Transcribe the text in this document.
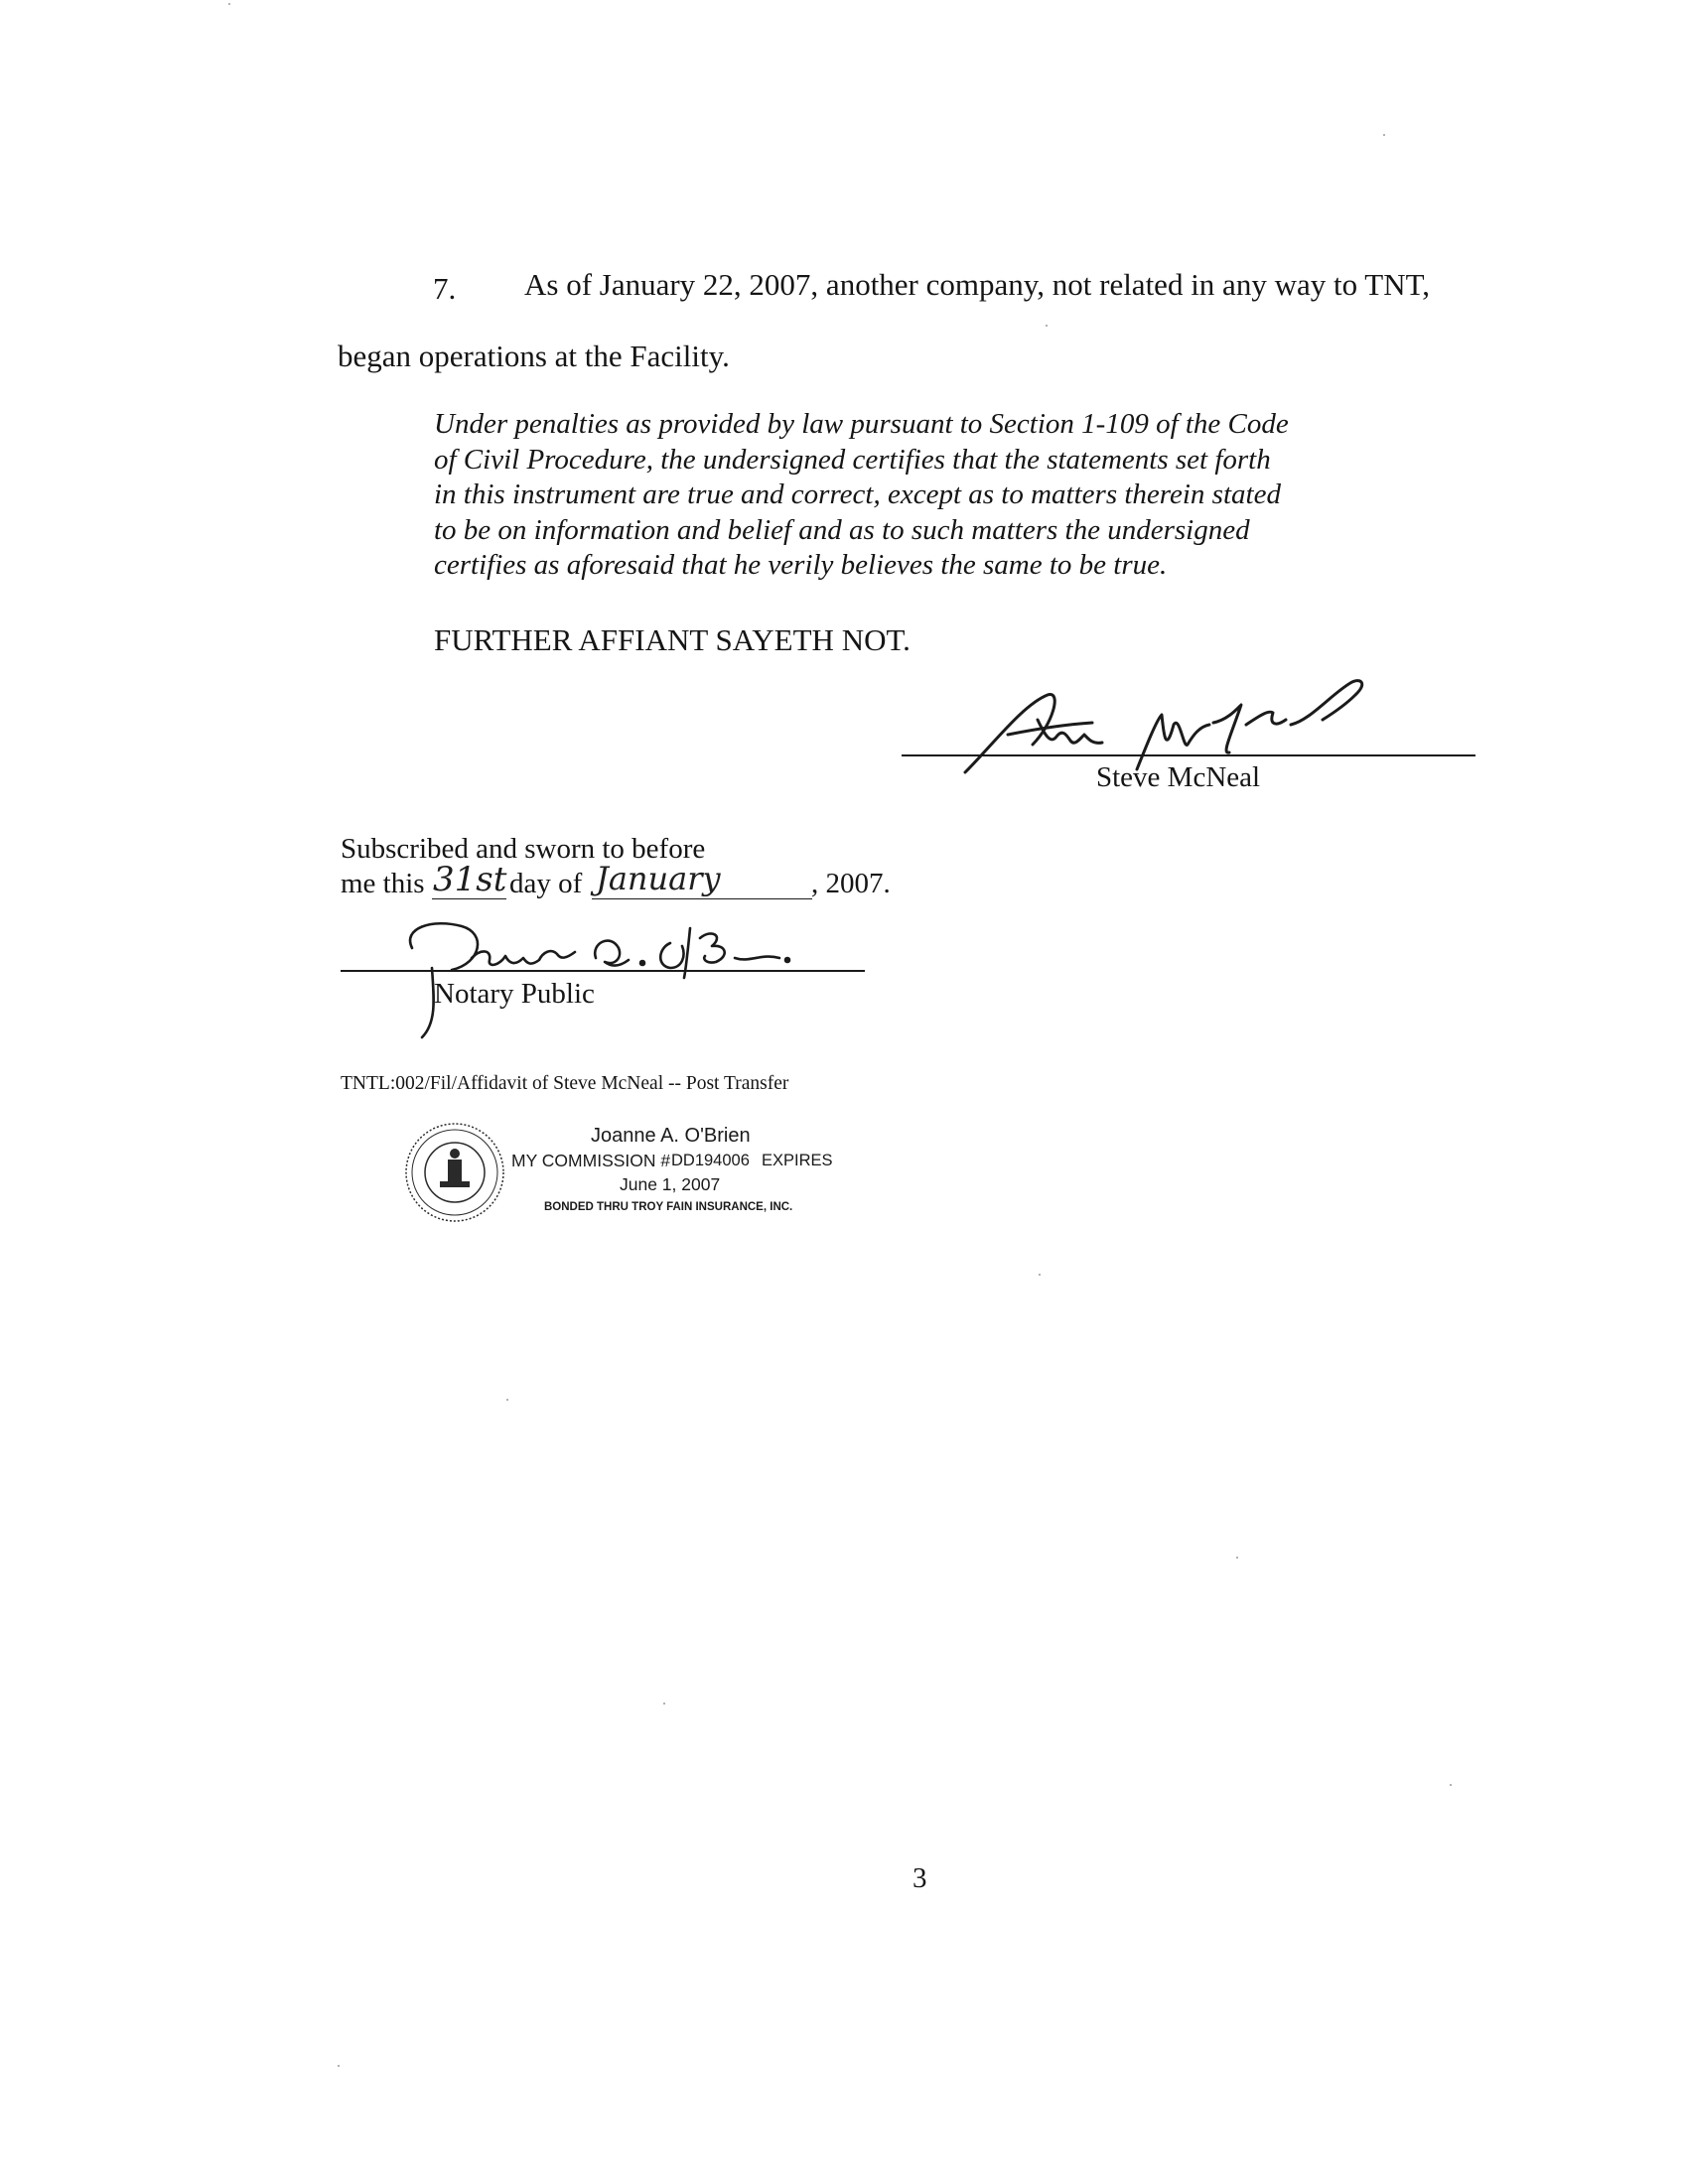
7. As of January 22, 2007, another company, not related in any way to TNT,
began operations at the Facility.
Under penalties as provided by law pursuant to Section 1-109 of the Code
of Civil Procedure, the undersigned certifies that the statements set forth
in this instrument are true and correct, except as to matters therein stated
to be on information and belief and as to such matters the undersigned
certifies as aforesaid that he verily believes the same to be true.
FURTHER AFFIANT SAYETH NOT.
Steve McNeal
Subscribed and sworn to before
me this 31st day of January	, 2007.
Notary Public
TNTL:002/Fil/Affidavit of Steve McNeal -- Post Transfer
Joanne A. O'Brien
MY COMMISSION # DD194006 EXPIRES
June 1, 2007
BONDED THRU TROY FAIN INSURANCE, INC.
3
